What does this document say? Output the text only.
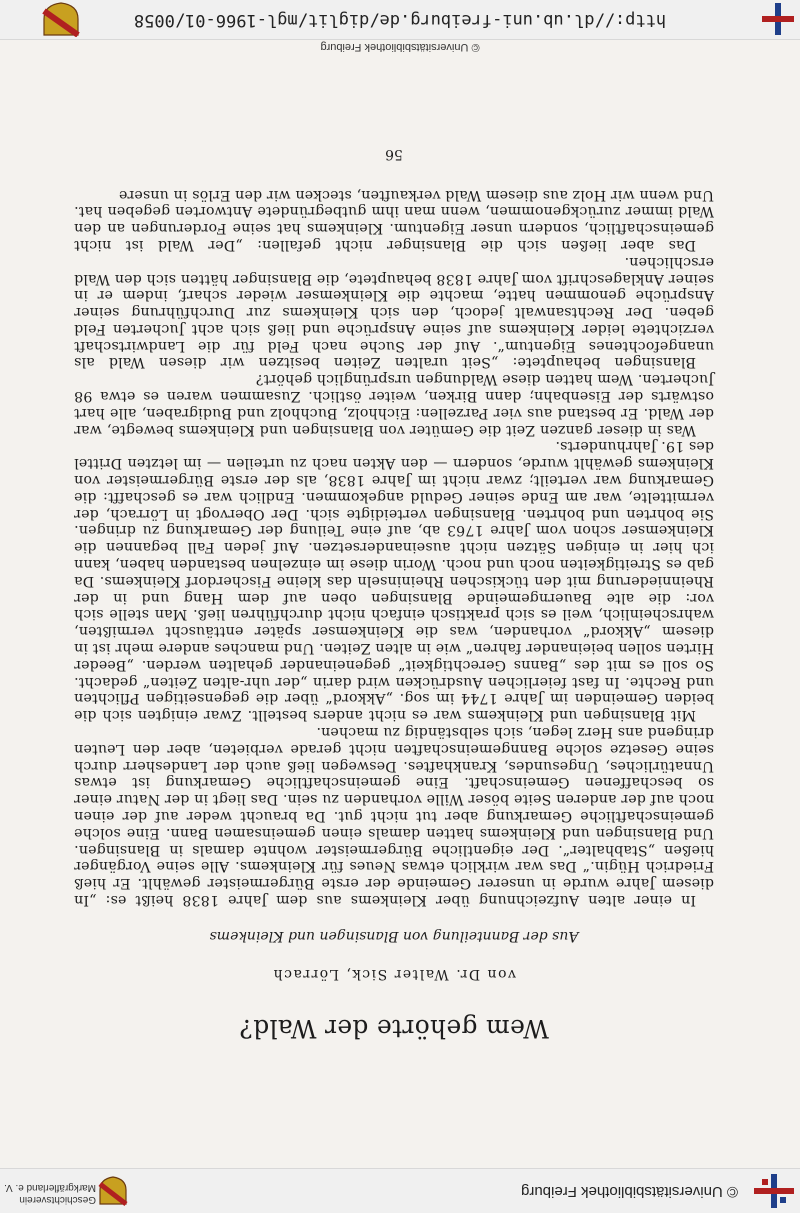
© Universitätsbibliothek Freiburg
Geschichtsverein
Markgräflerland e. V.
Wem gehörte der Wald?
von Dr. Walter Sick, Lörrach
Aus der Bannteilung von Blansingen und Kleinkems

In einer alten Aufzeichnung über Kleinkems aus dem Jahre 1838 heißt es: „In diesem Jahre wurde in unserer Gemeinde der erste Bürgermeister gewählt. Er hieß Friedrich Hügin.“ Das war wirklich etwas Neues für Kleinkems. Alle seine Vorgänger hießen „Stabhalter“. Der eigentliche Bürgermeister wohnte damals in Blansingen. Und Blansingen und Kleinkems hatten damals einen gemeinsamen Bann. Eine solche gemeinschaftliche Gemarkung aber tut nicht gut. Da braucht weder auf der einen noch auf der anderen Seite böser Wille vorhanden zu sein. Das liegt in der Natur einer so beschaffenen Gemeinschaft. Eine gemeinschaftliche Gemarkung ist etwas Unnatürliches, Ungesundes, Krankhaftes. Deswegen ließ auch der Landesherr durch seine Gesetze solche Banngemeinschaften nicht gerade verbieten, aber den Leuten dringend ans Herz legen, sich selbständig zu machen.

Mit Blansingen und Kleinkems war es nicht anders bestellt. Zwar einigten sich die beiden Gemeinden im Jahre 1744 im sog. „Akkord“ über die gegenseitigen Pflichten und Rechte. In fast feierlichen Ausdrücken wird darin „der uhr-alten Zeiten“ gedacht. So soll es mit des „Banns Gerechtigkeit“ gegeneinander gehalten werden. „Beeder Hirten sollen beieinander fahren“ wie in alten Zeiten. Und manches andere mehr ist in diesem „Akkord“ vorhanden, was die Kleinkemser später enttäuscht vermißten, wahrscheinlich, weil es sich praktisch einfach nicht durchführen ließ. Man stelle sich vor: die alte Bauerngemeinde Blansingen oben auf dem Hang und in der Rheinniederung mit den tückischen Rheininseln das kleine Fischerdorf Kleinkems. Da gab es Streitigkeiten noch und noch. Worin diese im einzelnen bestanden haben, kann ich hier in einigen Sätzen nicht auseinandersetzen. Auf jeden Fall begannen die Kleinkemser schon vom Jahre 1763 ab, auf eine Teilung der Gemarkung zu dringen. Sie bohrten und bohrten. Blansingen verteidigte sich. Der Obervogt in Lörrach, der vermittelte, war am Ende seiner Geduld angekommen. Endlich war es geschafft: die Gemarkung war verteilt; zwar nicht im Jahre 1838, als der erste Bürgermeister von Kleinkems gewählt wurde, sondern — den Akten nach zu urteilen — im letzten Drittel des 19. Jahrhunderts.

Was in dieser ganzen Zeit die Gemüter von Blansingen und Kleinkems bewegte, war der Wald. Er bestand aus vier Parzellen: Eichholz, Buchholz und Budigraben, alle hart ostwärts der Eisenbahn; dann Birken, weiter östlich. Zusammen waren es etwa 98 Jucherten. Wem hatten diese Waldungen ursprünglich gehört?

Blansingen behauptete: „Seit uralten Zeiten besitzen wir diesen Wald als unangefochtenes Eigentum“. Auf der Suche nach Feld für die Landwirtschaft verzichtete leider Kleinkems auf seine Ansprüche und ließ sich acht Jucherten Feld geben. Der Rechtsanwalt jedoch, den sich Kleinkems zur Durchführung seiner Ansprüche genommen hatte, machte die Kleinkemser wieder scharf, indem er in seiner Anklageschrift vom Jahre 1838 behauptete, die Blansinger hätten sich den Wald erschlichen.

Das aber ließen sich die Blansinger nicht gefallen: „Der Wald ist nicht gemeinschaftlich, sondern unser Eigentum. Kleinkems hat seine Forderungen an den Wald immer zurückgenommen, wenn man ihm gutbegründete Antworten gegeben hat. Und wenn wir Holz aus diesem Wald verkauften, stecken wir den Erlös in unsere

56
© Universitätsbibliothek Freiburg
http://dl.ub.uni-freiburg.de/diglit/mgl-1966-01/0058
